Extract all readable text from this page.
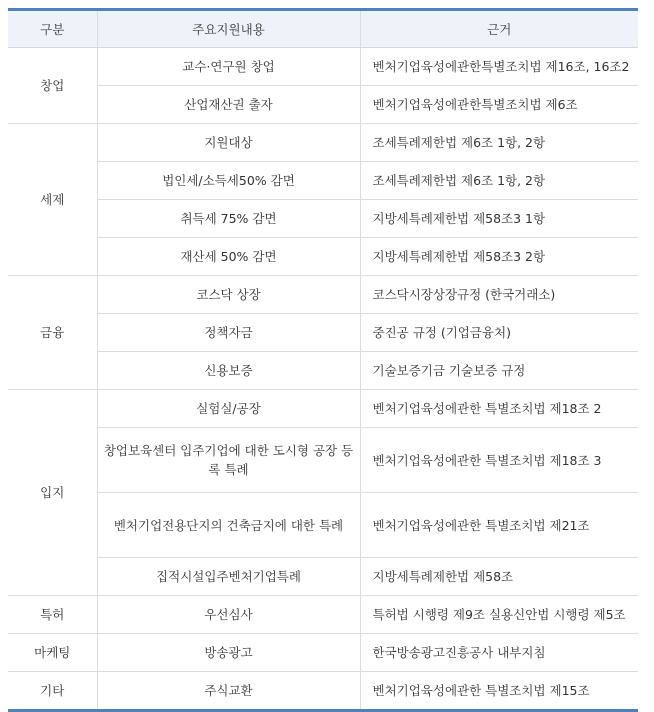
구분	주요지원내용	근거
창업	교수·연구원 창업	벤처기업육성에관한특별조치법 제16조, 16조2
	산업재산권 출자	벤처기업육성에관한특별조치법 제6조
세제	지원대상	조세특례제한법 제6조 1항, 2항
	법인세/소득세50% 감면	조세특례제한법 제6조 1항, 2항
	취득세 75% 감면	지방세특례제한법 제58조3 1항
	재산세 50% 감면	지방세특례제한법 제58조3 2항
금융	코스닥 상장	코스닥시장상장규정 (한국거래소)
	정책자금	중진공 규정 (기업금융처)
	신용보증	기술보증기금 기술보증 규정
입지	실험실/공장	벤처기업육성에관한 특별조치법 제18조 2
	창업보육센터 입주기업에 대한 도시형 공장 등록 특례	벤처기업육성에관한 특별조치법 제18조 3
	벤처기업전용단지의 건축금지에 대한 특례	벤처기업육성에관한 특별조치법 제21조
	집적시설입주벤처기업특례	지방세특례제한법 제58조
특허	우선심사	특허법 시행령 제9조 실용신안법 시행령 제5조
마케팅	방송광고	한국방송광고진흥공사 내부지침
기타	주식교환	벤처기업육성에관한 특별조치법 제15조
